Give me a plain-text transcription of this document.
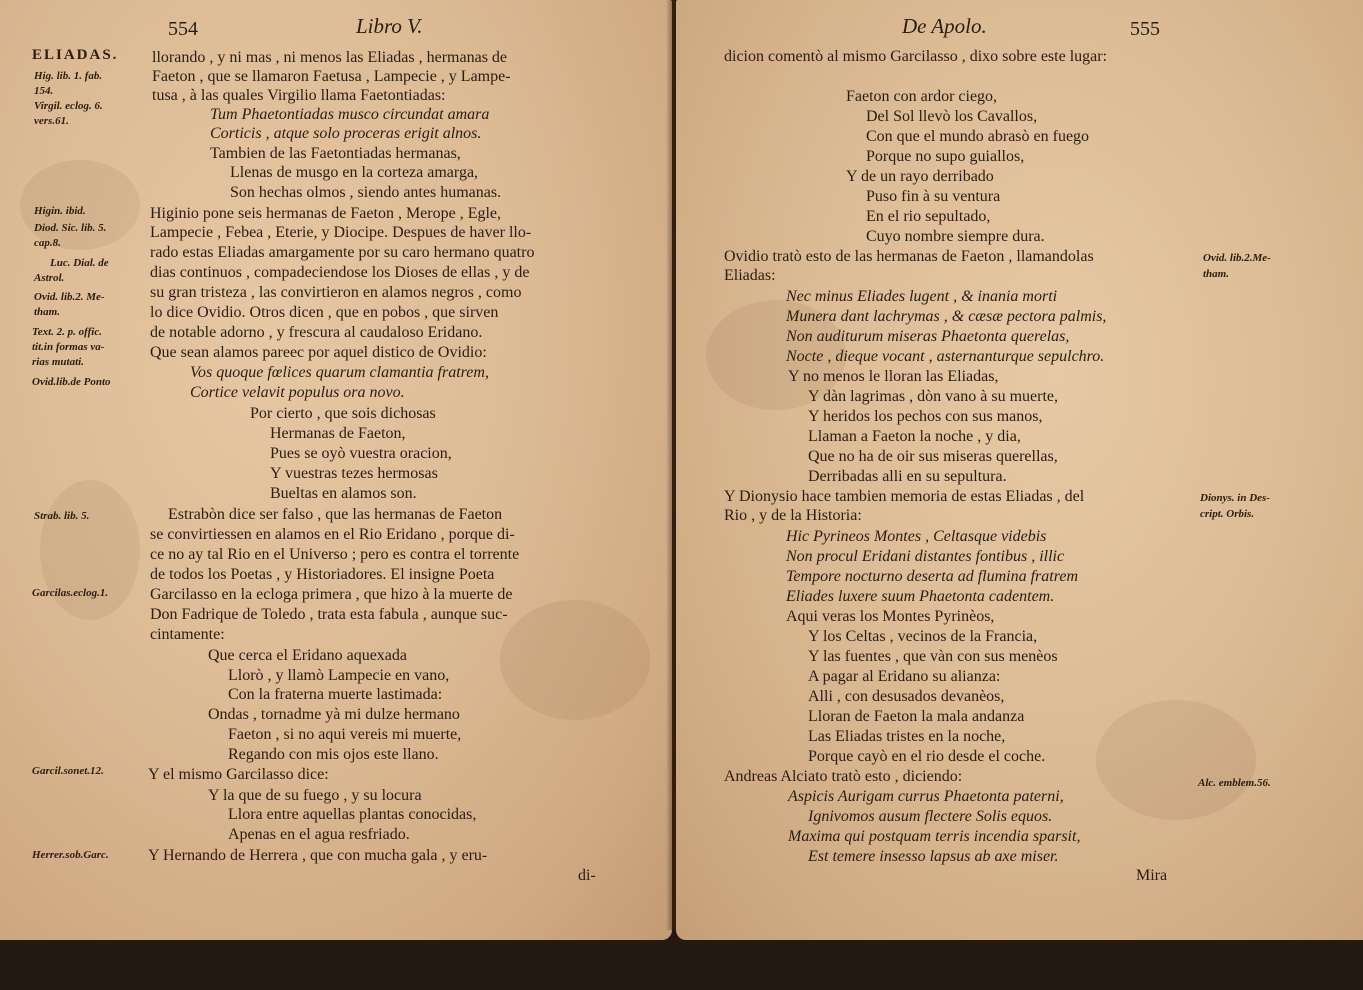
554	Libro V.
ELIADAS. llorando , y ni mas , ni menos las Eliadas , hermanas de
Faeton , que se llamaron Faetusa , Lampecie , y Lampe-
tusa , à las quales Virgilio llama Faetontiadas:
Tum Phaetontiadas musco circundat amara
Corticis , atque solo proceras erigit alnos.
Tambien de las Faetontiadas hermanas,
Llenas de musgo en la corteza amarga,
Son hechas olmos , siendo antes humanas.
Higinio pone seis hermanas de Faeton , Merope , Egle,
Lampecie , Febea , Eterie, y Diocipe. Despues de haver llo-
rado estas Eliadas amargamente por su caro hermano quatro
dias continuos , compadeciendose los Dioses de ellas , y de
su gran tristeza , las convirtieron en alamos negros , como
lo dice Ovidio. Otros dicen , que en pobos , que sirven
de notable adorno , y frescura al caudaloso Eridano.
Que sean alamos pareec por aquel distico de Ovidio:
Vos quoque fœlices quarum clamantia fratrem,
Cortice velavit populus ora novo.
Por cierto , que sois dichosas
Hermanas de Faeton,
Pues se oyò vuestra oracion,
Y vuestras tezes hermosas
Bueltas en alamos son.
Estrabòn dice ser falso , que las hermanas de Faeton
se convirtiessen en alamos en el Rio Eridano , porque di-
ce no ay tal Rio en el Universo ; pero es contra el torrente
de todos los Poetas , y Historiadores. El insigne Poeta
Garcilasso en la ecloga primera , que hizo à la muerte de
Don Fadrique de Toledo , trata esta fabula , aunque suc-
cintamente:
Que cerca el Eridano aquexada
Llorò , y llamò Lampecie en vano,
Con la fraterna muerte lastimada:
Ondas , tornadme yà mi dulze hermano
Faeton , si no aqui vereis mi muerte,
Regando con mis ojos este llano.
Y el mismo Garcilasso dice:
Y la que de su fuego , y su locura
Llora entre aquellas plantas conocidas,
Apenas en el agua resfriado.
Y Hernando de Herrera , que con mucha gala , y eru-
di-
Hig. lib. 1. fab.
154.
Virgil. eclog. 6.
vers.61.
Higin. ibid.
Diod. Sic. lib. 5.
cap.8.
Luc. Dial. de
Astrol.
Ovid. lib.2. Me-
tham.
Text. 2. p. offic.
tit.in formas va-
rias mutati.
Ovid.lib.de Ponto
Strab. lib. 5.
Garcilas.eclog.1.
Garcil.sonet.12.
Herrer.sob.Garc.
De Apolo.	555
dicion comentò al mismo Garcilasso , dixo sobre este lugar:
Faeton con ardor ciego,
Del Sol llevò los Cavallos,
Con que el mundo abrasò en fuego
Porque no supo guiallos,
Y de un rayo derribado
Puso fin à su ventura
En el rio sepultado,
Cuyo nombre siempre dura.
Ovidio tratò esto de las hermanas de Faeton , llamandolas
Eliadas:
Nec minus Eliades lugent , & inania morti
Munera dant lachrymas , & cæsæ pectora palmis,
Non auditurum miseras Phaetonta querelas,
Nocte , dieque vocant , asternanturque sepulchro.
Y no menos le lloran las Eliadas,
Y dàn lagrimas , dòn vano à su muerte,
Y heridos los pechos con sus manos,
Llaman a Faeton la noche , y dia,
Que no ha de oir sus miseras querellas,
Derribadas alli en su sepultura.
Y Dionysio hace tambien memoria de estas Eliadas , del
Rio , y de la Historia:
Hic Pyrineos Montes , Celtasque videbis
Non procul Eridani distantes fontibus , illic
Tempore nocturno deserta ad flumina fratrem
Eliades luxere suum Phaetonta cadentem.
Aqui veras los Montes Pyrinèos,
Y los Celtas , vecinos de la Francia,
Y las fuentes , que vàn con sus menèos
A pagar al Eridano su alianza:
Alli , con desusados devanèos,
Lloran de Faeton la mala andanza
Las Eliadas tristes en la noche,
Porque cayò en el rio desde el coche.
Andreas Alciato tratò esto , diciendo:
Aspicis Aurigam currus Phaetonta paterni,
Ignivomos ausum flectere Solis equos.
Maxima qui postquam terris incendia sparsit,
Est temere insesso lapsus ab axe miser.
Mira
Ovid. lib.2.Me-
tham.
Dionys. in Des-
cript. Orbis.
Alc. emblem.56.
